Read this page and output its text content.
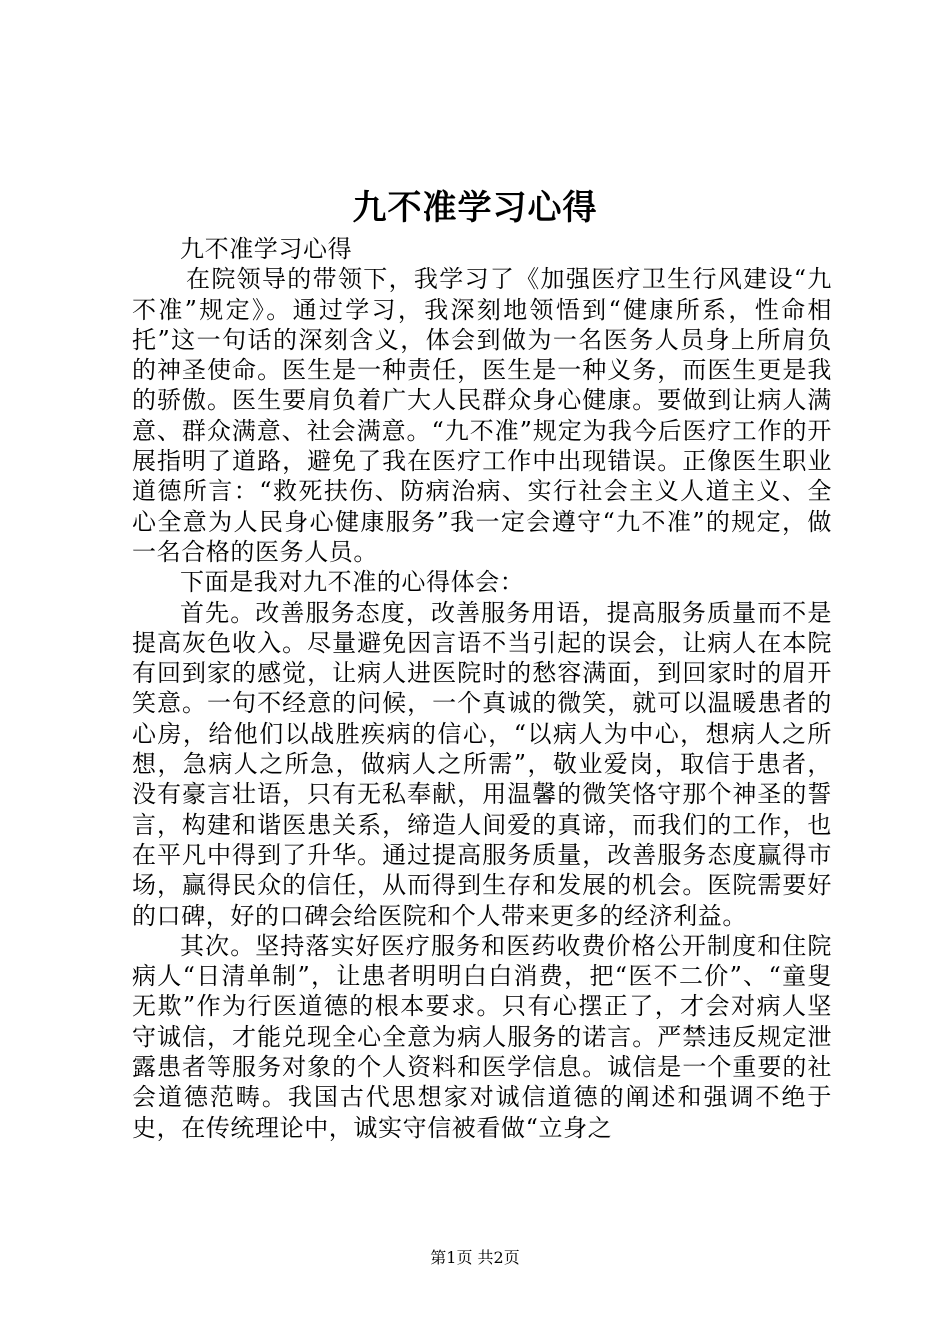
九不准学习心得

九不准学习心得

在院领导的带领下，我学习了《加强医疗卫生行风建设“九不准”规定》。通过学习，我深刻地领悟到“健康所系，性命相托”这一句话的深刻含义，体会到做为一名医务人员身上所肩负的神圣使命。医生是一种责任，医生是一种义务，而医生更是我的骄傲。医生要肩负着广大人民群众身心健康。要做到让病人满意、群众满意、社会满意。“九不准”规定为我今后医疗工作的开展指明了道路，避免了我在医疗工作中出现错误。正像医生职业道德所言：“救死扶伤、防病治病、实行社会主义人道主义、全心全意为人民身心健康服务”我一定会遵守“九不准”的规定，做一名合格的医务人员。

下面是我对九不准的心得体会：

首先。改善服务态度，改善服务用语，提高服务质量而不是提高灰色收入。尽量避免因言语不当引起的误会，让病人在本院有回到家的感觉，让病人进医院时的愁容满面，到回家时的眉开笑意。一句不经意的问候，一个真诚的微笑，就可以温暖患者的心房，给他们以战胜疾病的信心，“以病人为中心，想病人之所想，急病人之所急，做病人之所需”，敬业爱岗，取信于患者，没有豪言壮语，只有无私奉献，用温馨的微笑恪守那个神圣的誓言，构建和谐医患关系，缔造人间爱的真谛，而我们的工作，也在平凡中得到了升华。通过提高服务质量，改善服务态度赢得市场，赢得民众的信任，从而得到生存和发展的机会。医院需要好的口碑，好的口碑会给医院和个人带来更多的经济利益。

其次。坚持落实好医疗服务和医药收费价格公开制度和住院病人“日清单制”，让患者明明白白消费，把“医不二价”、“童叟无欺”作为行医道德的根本要求。只有心摆正了，才会对病人坚守诚信，才能兑现全心全意为病人服务的诺言。严禁违反规定泄露患者等服务对象的个人资料和医学信息。诚信是一个重要的社会道德范畴。我国古代思想家对诚信道德的阐述和强调不绝于史，在传统理论中，诚实守信被看做“立身之

第1页 共2页
